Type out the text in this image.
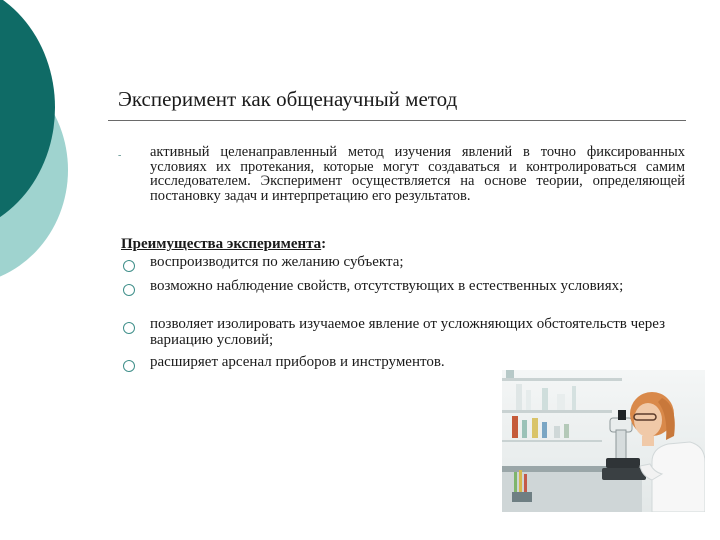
Эксперимент как общенаучный метод
- активный целенаправленный метод изучения явлений в точно фиксированных условиях их протекания, которые могут создаваться и контролироваться самим исследователем. Эксперимент осуществляется на основе теории, определяющей постановку задач и интерпретацию его результатов.
Преимущества эксперимента:
воспроизводится по желанию субъекта;
возможно наблюдение свойств, отсутствующих в естественных условиях;
позволяет изолировать изучаемое явление от усложняющих обстоятельств через вариацию условий;
расширяет арсенал приборов и инструментов.
